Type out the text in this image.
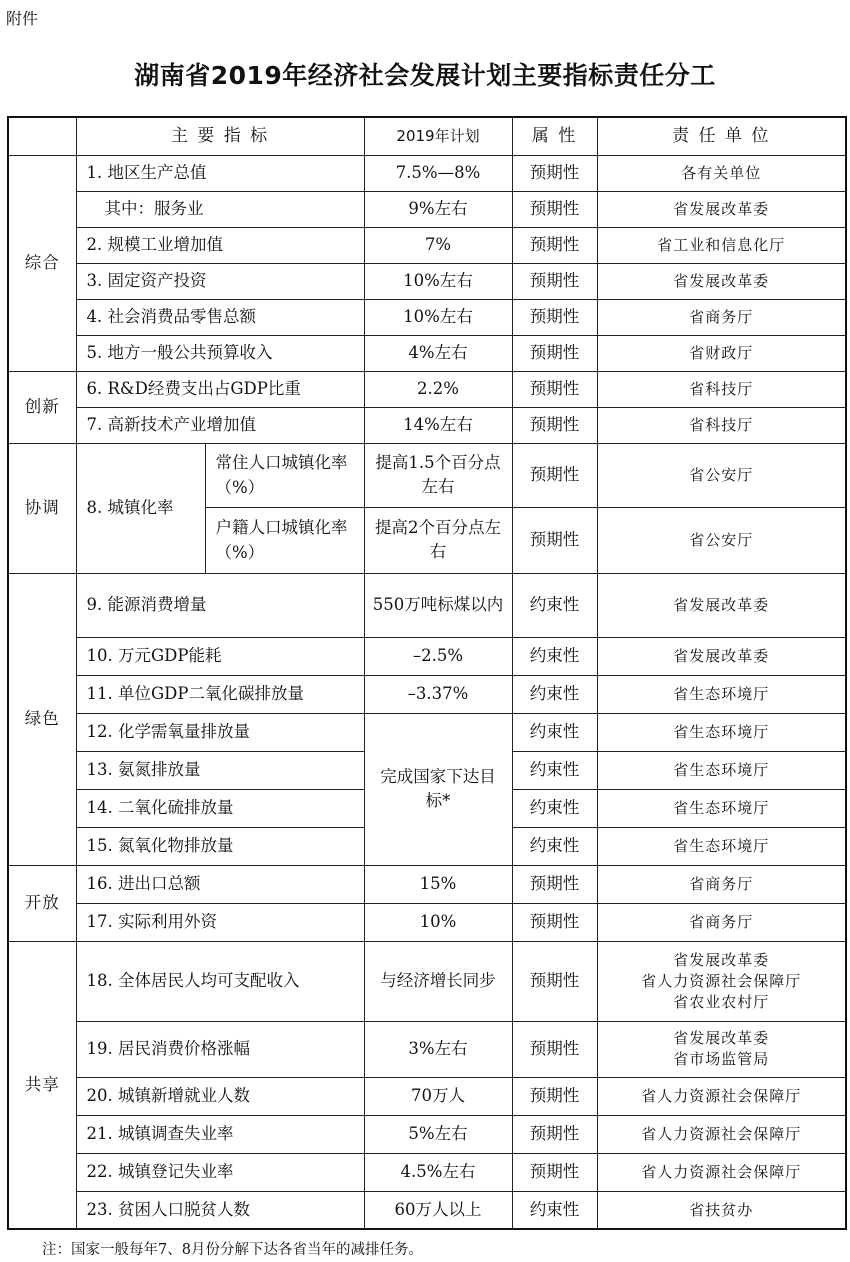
附件
湖南省2019年经济社会发展计划主要指标责任分工
	主 要 指 标		2019年计划	属 性	责 任 单 位
综合	1. 地区生产总值		7.5%—8%	预期性	各有关单位
	其中：服务业		9%左右	预期性	省发展改革委
	2. 规模工业增加值		7%	预期性	省工业和信息化厅
	3. 固定资产投资		10%左右	预期性	省发展改革委
	4. 社会消费品零售总额		10%左右	预期性	省商务厅
	5. 地方一般公共预算收入		4%左右	预期性	省财政厅
创新	6. R&D经费支出占GDP比重		2.2%	预期性	省科技厅
	7. 高新技术产业增加值		14%左右	预期性	省科技厅
协调	8. 城镇化率	常住人口城镇化率（%）	提高1.5个百分点左右	预期性	省公安厅
		户籍人口城镇化率（%）	提高2个百分点左右	预期性	省公安厅
绿色	9. 能源消费增量		550万吨标煤以内	约束性	省发展改革委
	10. 万元GDP能耗		–2.5%	约束性	省发展改革委
	11. 单位GDP二氧化碳排放量		–3.37%	约束性	省生态环境厅
	12. 化学需氧量排放量		完成国家下达目标*	约束性	省生态环境厅
	13. 氨氮排放量			约束性	省生态环境厅
	14. 二氧化硫排放量			约束性	省生态环境厅
	15. 氮氧化物排放量			约束性	省生态环境厅
开放	16. 进出口总额		15%	预期性	省商务厅
	17. 实际利用外资		10%	预期性	省商务厅
共享	18. 全体居民人均可支配收入		与经济增长同步	预期性	省发展改革委
省人力资源社会保障厅
省农业农村厅

	19. 居民消费价格涨幅		3%左右	预期性	省发展改革委
省市场监管局

	20. 城镇新增就业人数		70万人	预期性	省人力资源社会保障厅
	21. 城镇调查失业率		5%左右	预期性	省人力资源社会保障厅
	22. 城镇登记失业率		4.5%左右	预期性	省人力资源社会保障厅
	23. 贫困人口脱贫人数		60万人以上	约束性	省扶贫办
注：国家一般每年7、8月份分解下达各省当年的减排任务。
